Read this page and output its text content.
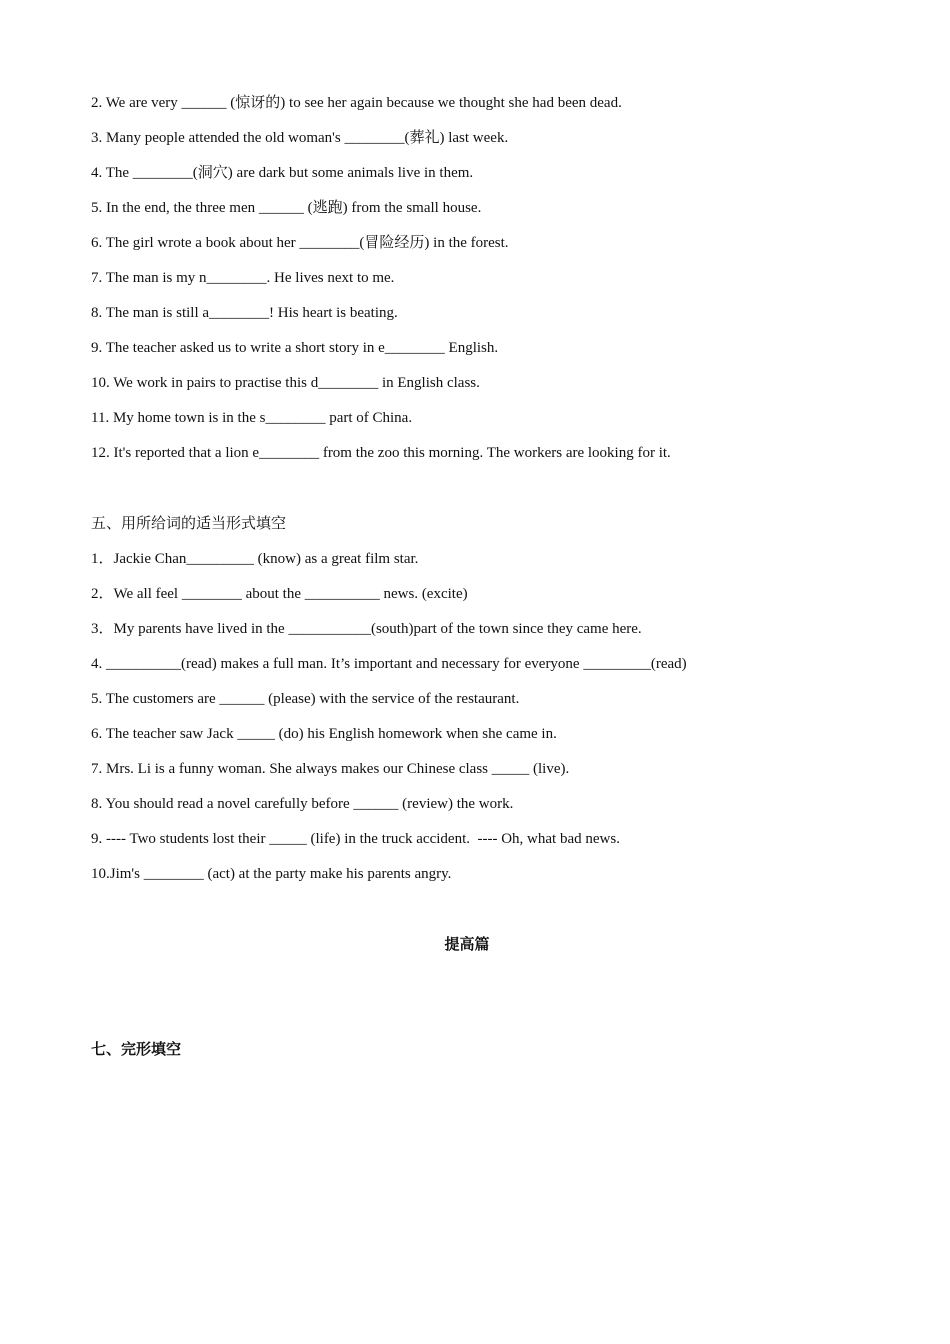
2. We are very ______ (惊讶的) to see her again because we thought she had been dead.
3. Many people attended the old woman's ________(葬礼) last week.
4. The ________(洞穴) are dark but some animals live in them.
5. In the end, the three men ______ (逃跑) from the small house.
6. The girl wrote a book about her ________(冒险经历) in the forest.
7. The man is my n________. He lives next to me.
8. The man is still a________! His heart is beating.
9. The teacher asked us to write a short story in e________ English.
10. We work in pairs to practise this d________ in English class.
11. My home town is in the s________ part of China.
12. It's reported that a lion e________ from the zoo this morning. The workers are looking for it.
五、用所给词的适当形式填空
1．Jackie Chan_________ (know) as a great film star.
2．We all feel ________ about the __________ news. (excite)
3．My parents have lived in the ___________(south)part of the town since they came here.
4. __________(read) makes a full man. It’s important and necessary for everyone _________(read)
5. The customers are ______ (please) with the service of the restaurant.
6. The teacher saw Jack _____ (do) his English homework when she came in.
7. Mrs. Li is a funny woman. She always makes our Chinese class _____ (live).
8. You should read a novel carefully before ______ (review) the work.
9. ---- Two students lost their _____ (life) in the truck accident.  ---- Oh, what bad news.
10.Jim's ________ (act) at the party make his parents angry.
提高篇
七、完形填空
